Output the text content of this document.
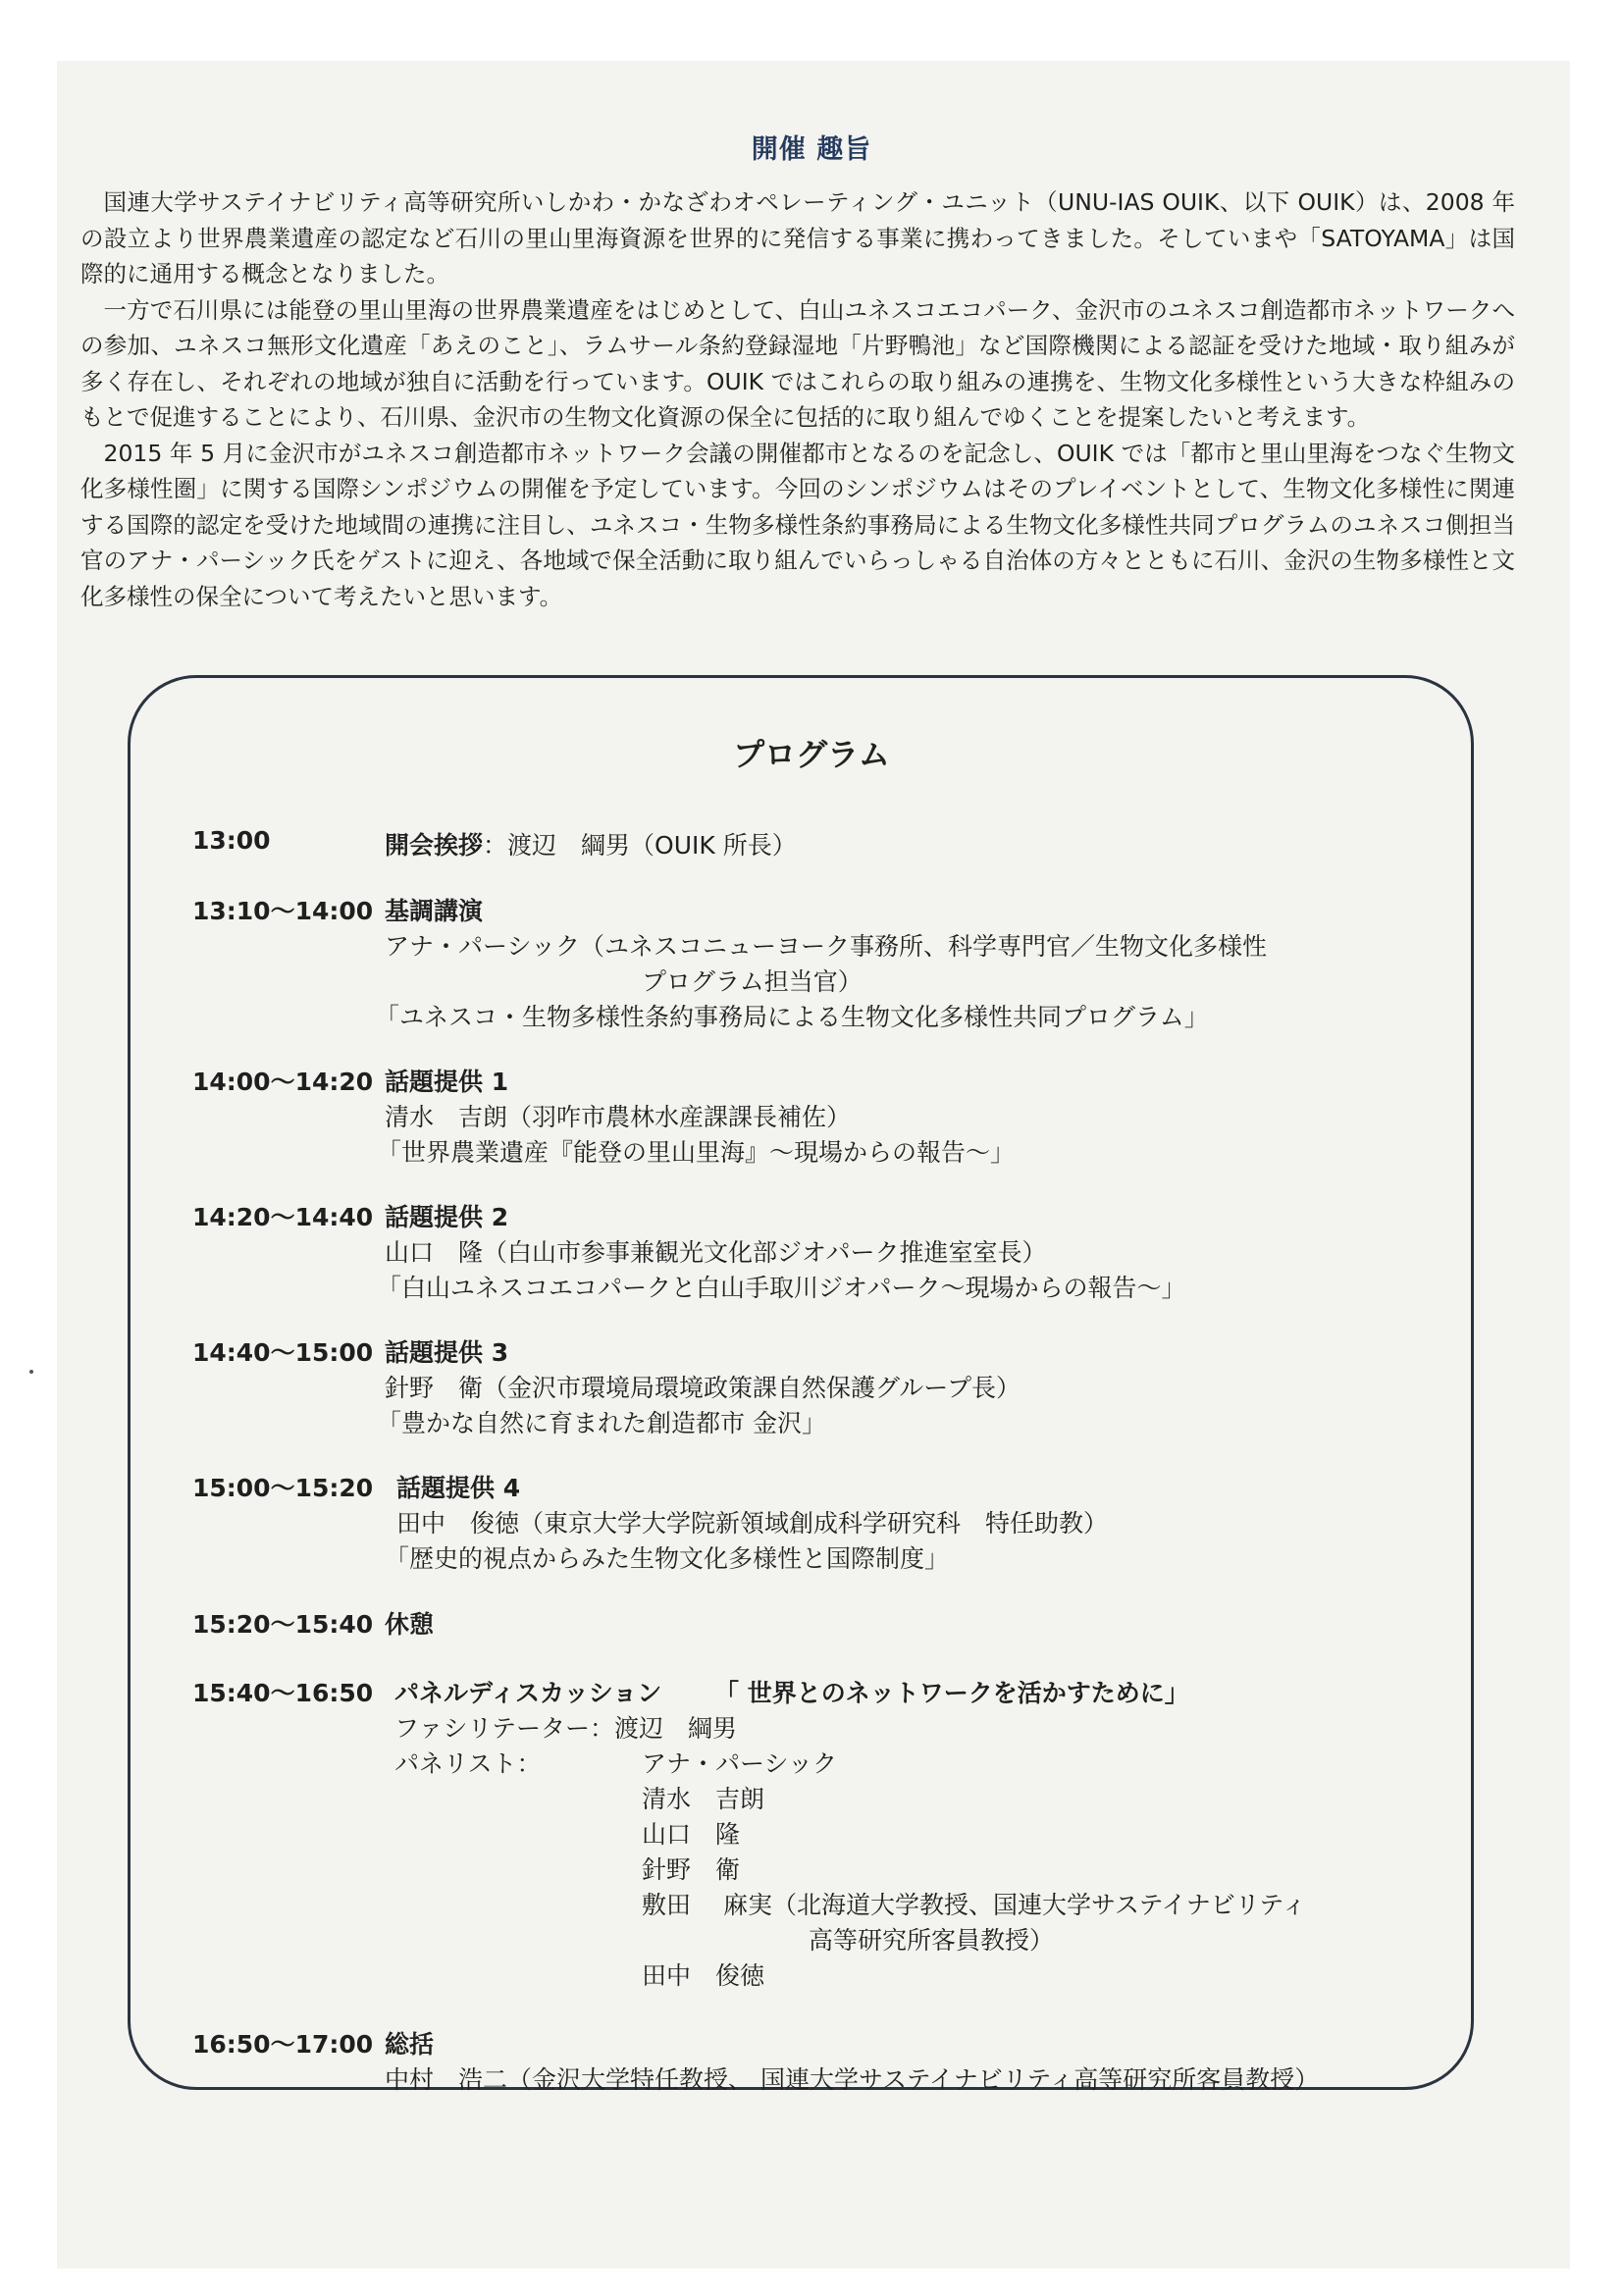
開催 趣旨

国連大学サステイナビリティ高等研究所いしかわ・かなざわオペレーティング・ユニット（UNU-IAS OUIK、以下 OUIK）は、2008 年の設立より世界農業遺産の認定など石川の里山里海資源を世界的に発信する事業に携わってきました。そしていまや「SATOYAMA」は国際的に通用する概念となりました。

一方で石川県には能登の里山里海の世界農業遺産をはじめとして、白山ユネスコエコパーク、金沢市のユネスコ創造都市ネットワークへの参加、ユネスコ無形文化遺産「あえのこと」、ラムサール条約登録湿地「片野鴨池」など国際機関による認証を受けた地域・取り組みが多く存在し、それぞれの地域が独自に活動を行っています。OUIK ではこれらの取り組みの連携を、生物文化多様性という大きな枠組みのもとで促進することにより、石川県、金沢市の生物文化資源の保全に包括的に取り組んでゆくことを提案したいと考えます。

2015 年 5 月に金沢市がユネスコ創造都市ネットワーク会議の開催都市となるのを記念し、OUIK では「都市と里山里海をつなぐ生物文化多様性圏」に関する国際シンポジウムの開催を予定しています。今回のシンポジウムはそのプレイベントとして、生物文化多様性に関連する国際的認定を受けた地域間の連携に注目し、ユネスコ・生物多様性条約事務局による生物文化多様性共同プログラムのユネスコ側担当官のアナ・パーシック氏をゲストに迎え、各地域で保全活動に取り組んでいらっしゃる自治体の方々とともに石川、金沢の生物多様性と文化多様性の保全について考えたいと思います。

プログラム
13:00	開会挨拶：渡辺　綱男（OUIK 所長）
13:10〜14:00 基調講演
アナ・パーシック（ユネスコニューヨーク事務所、科学専門官／生物文化多様性
プログラム担当官）
「ユネスコ・生物多様性条約事務局による生物文化多様性共同プログラム」
14:00〜14:20 話題提供 1
清水　吉朗（羽咋市農林水産課課長補佐）
「世界農業遺産『能登の里山里海』〜現場からの報告〜」
14:20〜14:40 話題提供 2
山口　隆（白山市参事兼観光文化部ジオパーク推進室室長）
「白山ユネスコエコパークと白山手取川ジオパーク〜現場からの報告〜」
14:40〜15:00 話題提供 3
針野　衛（金沢市環境局環境政策課自然保護グループ長）
「豊かな自然に育まれた創造都市 金沢」
15:00〜15:20 話題提供 4
田中　俊徳（東京大学大学院新領域創成科学研究科　特任助教）
「歴史的視点からみた生物文化多様性と国際制度」
15:20〜15:40 休憩
15:40〜16:50 パネルディスカッション 「 世界とのネットワークを活かすために」
ファシリテーター： 渡辺　綱男
パネリスト：	アナ・パーシック
清水　吉朗
山口　隆
針野　衛
敷田　 麻実（北海道大学教授、国連大学サステイナビリティ
高等研究所客員教授）
田中　俊徳
16:50〜17:00 総括
中村　浩二（金沢大学特任教授、 国連大学サステイナビリティ高等研究所客員教授）
